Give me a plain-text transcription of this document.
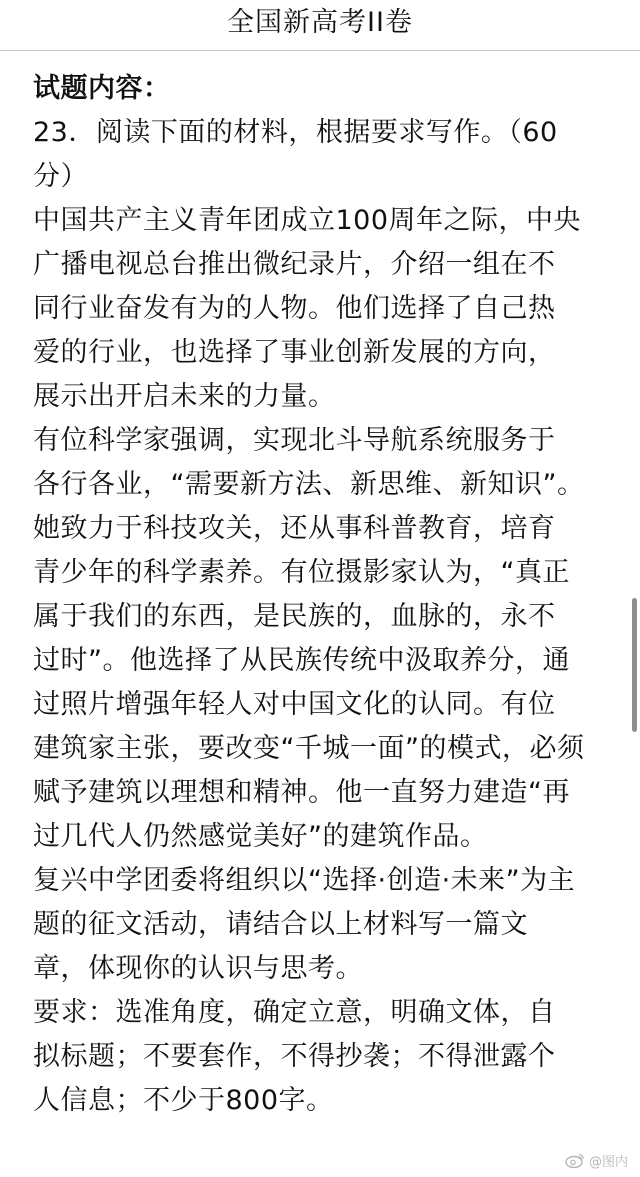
全国新高考II卷
试题内容：
23．阅读下面的材料，根据要求写作。（60
分）
中国共产主义青年团成立100周年之际，中央
广播电视总台推出微纪录片，介绍一组在不
同行业奋发有为的人物。他们选择了自己热
爱的行业，也选择了事业创新发展的方向，
展示出开启未来的力量。
有位科学家强调，实现北斗导航系统服务于
各行各业，“需要新方法、新思维、新知识”。
她致力于科技攻关，还从事科普教育，培育
青少年的科学素养。有位摄影家认为，“真正
属于我们的东西，是民族的，血脉的，永不
过时”。他选择了从民族传统中汲取养分，通
过照片增强年轻人对中国文化的认同。有位
建筑家主张，要改变“千城一面”的模式，必须
赋予建筑以理想和精神。他一直努力建造“再
过几代人仍然感觉美好”的建筑作品。
复兴中学团委将组织以“选择·创造·未来”为主
题的征文活动，请结合以上材料写一篇文
章，体现你的认识与思考。
要求：选准角度，确定立意，明确文体，自
拟标题；不要套作，不得抄袭；不得泄露个
人信息；不少于800字。
@图内
